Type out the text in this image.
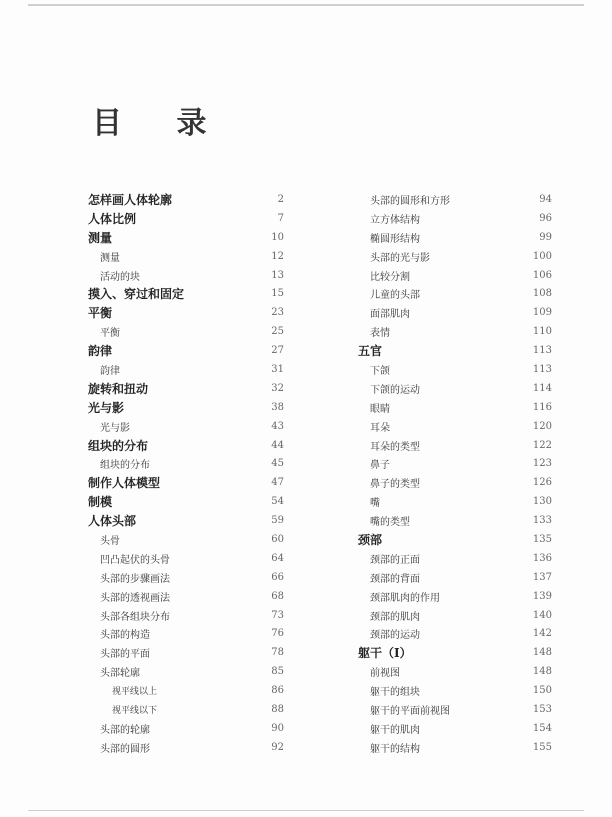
目 录
怎样画人体轮廓	2
人体比例	7
测量	10
测量	12
活动的块	13
摸入、穿过和固定	15
平衡	23
平衡	25
韵律	27
韵律	31
旋转和扭动	32
光与影	38
光与影	43
组块的分布	44
组块的分布	45
制作人体模型	47
制模	54
人体头部	59
头骨	60
凹凸起伏的头骨	64
头部的步骤画法	66
头部的透视画法	68
头部各组块分布	73
头部的构造	76
头部的平面	78
头部轮廓	85
视平线以上	86
视平线以下	88
头部的轮廓	90
头部的圆形	92
头部的圆形和方形	94
立方体结构	96
椭圆形结构	99
头部的光与影	100
比较分割	106
儿童的头部	108
面部肌肉	109
表情	110
五官	113
下颌	113
下颌的运动	114
眼睛	116
耳朵	120
耳朵的类型	122
鼻子	123
鼻子的类型	126
嘴	130
嘴的类型	133
颈部	135
颈部的正面	136
颈部的背面	137
颈部肌肉的作用	139
颈部的肌肉	140
颈部的运动	142
躯干（I）	148
前视图	148
躯干的组块	150
躯干的平面前视图	153
躯干的肌肉	154
躯干的结构	155
